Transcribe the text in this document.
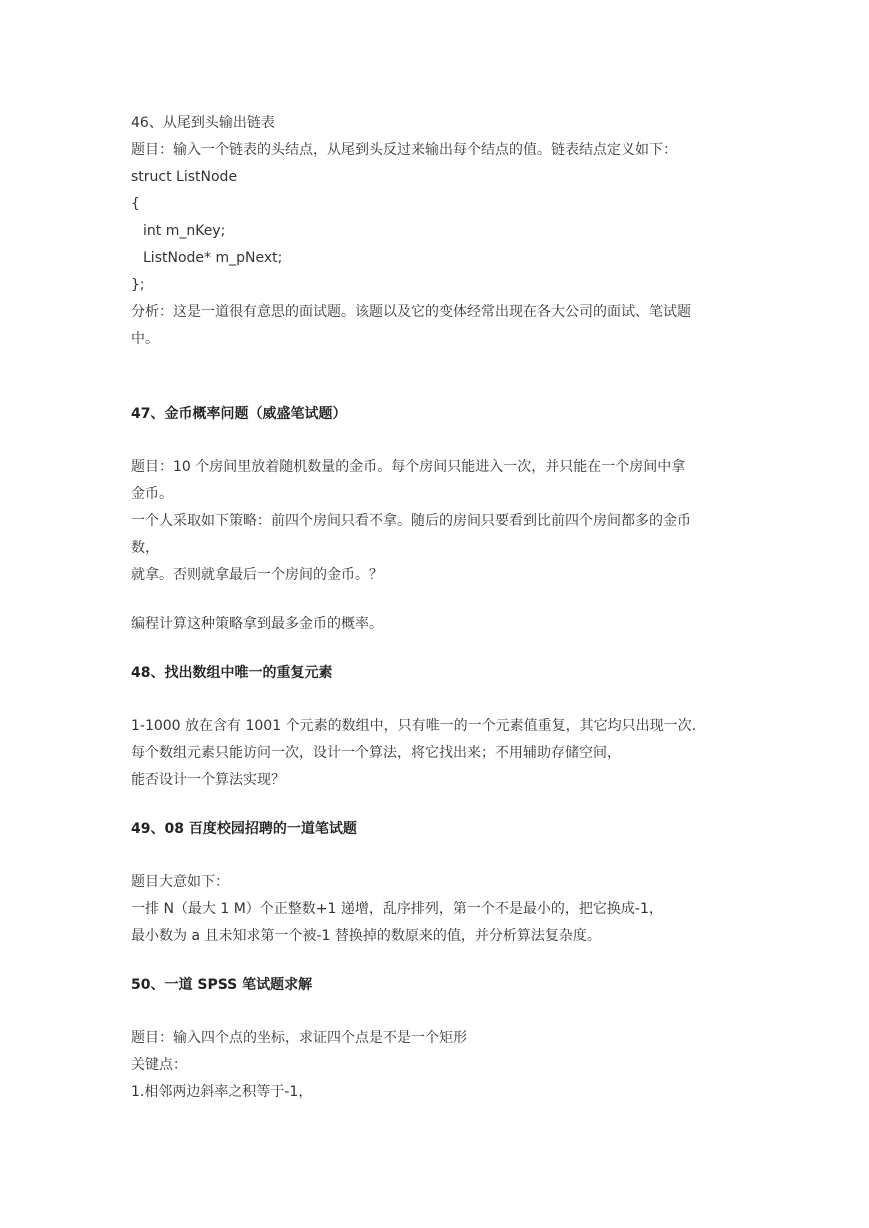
46、从尾到头输出链表
题目：输入一个链表的头结点，从尾到头反过来输出每个结点的值。链表结点定义如下：
struct ListNode
{
int m_nKey;
ListNode* m_pNext;
};
分析：这是一道很有意思的面试题。该题以及它的变体经常出现在各大公司的面试、笔试题
中。
47、金币概率问题（威盛笔试题）
题目：10 个房间里放着随机数量的金币。每个房间只能进入一次，并只能在一个房间中拿
金币。
一个人采取如下策略：前四个房间只看不拿。随后的房间只要看到比前四个房间都多的金币
数，
就拿。否则就拿最后一个房间的金币。？
编程计算这种策略拿到最多金币的概率。
48、找出数组中唯一的重复元素
1-1000 放在含有 1001 个元素的数组中，只有唯一的一个元素值重复，其它均只出现一次.
每个数组元素只能访问一次，设计一个算法，将它找出来；不用辅助存储空间，
能否设计一个算法实现？
49、08 百度校园招聘的一道笔试题
题目大意如下：
一排 N（最大 1 M）个正整数+1 递增，乱序排列，第一个不是最小的，把它换成-1，
最小数为 a 且未知求第一个被-1 替换掉的数原来的值，并分析算法复杂度。
50、一道 SPSS 笔试题求解
题目：输入四个点的坐标，求证四个点是不是一个矩形
关键点：
1.相邻两边斜率之积等于-1，
